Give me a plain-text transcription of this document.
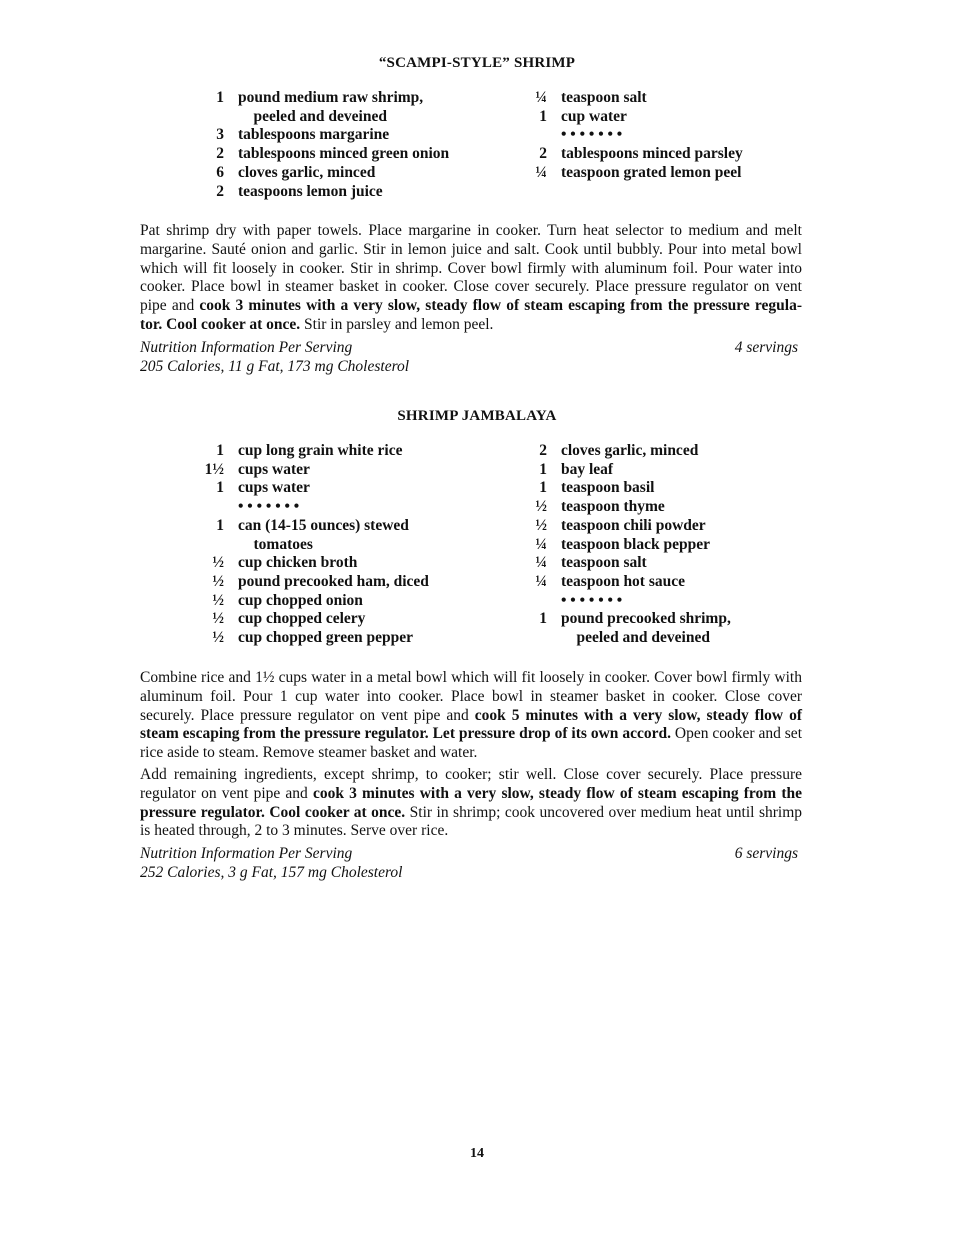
“SCAMPI-STYLE” SHRIMP
1 pound medium raw shrimp,
peeled and deveined
3 tablespoons margarine
2 tablespoons minced green onion
6 cloves garlic, minced
2 teaspoons lemon juice
¼ teaspoon salt
1 cup water
• • • • • • •
2 tablespoons minced parsley
¼ teaspoon grated lemon peel
Pat shrimp dry with paper towels. Place margarine in cooker. Turn heat selector to medium and melt margarine. Sauté onion and garlic. Stir in lemon juice and salt. Cook until bubbly. Pour into metal bowl which will fit loosely in cooker. Stir in shrimp. Cover bowl firmly with aluminum foil. Pour water into cooker. Place bowl in steamer basket in cooker. Close cover securely. Place pressure regulator on vent pipe and cook 3 minutes with a very slow, steady flow of steam escaping from the pressure regula-tor. Cool cooker at once. Stir in parsley and lemon peel.
Nutrition Information Per Serving	4 servings
205 Calories, 11 g Fat, 173 mg Cholesterol
SHRIMP JAMBALAYA
1 cup long grain white rice
1½ cups water
1 cups water
• • • • • • •
1 can (14-15 ounces) stewed
tomatoes
½ cup chicken broth
½ pound precooked ham, diced
½ cup chopped onion
½ cup chopped celery
½ cup chopped green pepper
2 cloves garlic, minced
1 bay leaf
1 teaspoon basil
½ teaspoon thyme
½ teaspoon chili powder
¼ teaspoon black pepper
¼ teaspoon salt
¼ teaspoon hot sauce
• • • • • • •
1 pound precooked shrimp,
peeled and deveined
Combine rice and 1½ cups water in a metal bowl which will fit loosely in cooker. Cover bowl firmly with aluminum foil. Pour 1 cup water into cooker. Place bowl in steamer basket in cooker. Close cover securely. Place pressure regulator on vent pipe and cook 5 minutes with a very slow, steady flow of steam escaping from the pressure regulator. Let pressure drop of its own accord. Open cooker and set rice aside to steam. Remove steamer basket and water.
Add remaining ingredients, except shrimp, to cooker; stir well. Close cover securely. Place pressure regulator on vent pipe and cook 3 minutes with a very slow, steady flow of steam escaping from the pressure regulator. Cool cooker at once. Stir in shrimp; cook uncovered over medium heat until shrimp is heated through, 2 to 3 minutes. Serve over rice.
Nutrition Information Per Serving	6 servings
252 Calories, 3 g Fat, 157 mg Cholesterol
14
